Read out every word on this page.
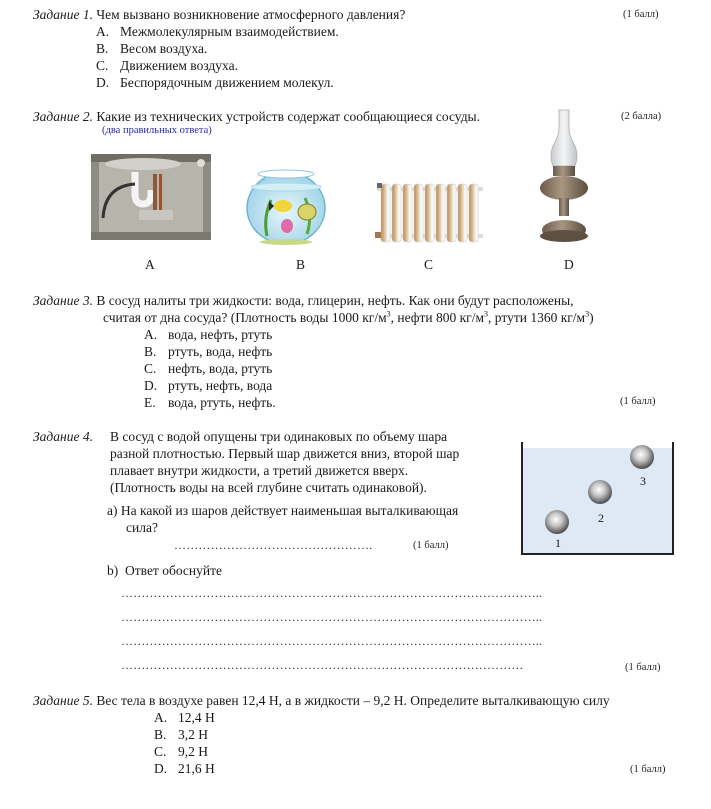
Задание 1. Чем вызвано возникновение атмосферного давления?	(1 балл)
A. Межмолекулярным взаимодействием.
B. Весом воздуха.
C. Движением воздуха.
D. Беспорядочным движением молекул.
Задание 2. Какие из технических устройств содержат сообщающиеся сосуды.	(2 балла)
(два правильных ответа)
A	B	C	D
Задание 3. В сосуд налиты три жидкости: вода, глицерин, нефть. Как они будут расположены,
считая от дна сосуда? (Плотность воды 1000 $кг/м^3$, нефти 800 $кг/м^3$, ртути 1360 $кг/м^3$)
A. вода, нефть, ртуть
B. ртуть, вода, нефть
C. нефть, вода, ртуть
D. ртуть, нефть, вода
E. вода, ртуть, нефть.	(1 балл)
Задание 4. В сосуд с водой опущены три одинаковых по объему шара
разной плотностью. Первый шар движется вниз, второй шар
плавает внутри жидкости, а третий движется вверх.
(Плотность воды на всей глубине считать одинаковой).
a) На какой из шаров действует наименьшая выталкивающая
сила?
………………………………………….	(1 балл)
b) Ответ обоснуйте
…………………………………………………………………………………………..
…………………………………………………………………………………………..
…………………………………………………………………………………………..
………………………………………………………………………………………	(1 балл)
1
2
3
Задание 5. Вес тела в воздухе равен 12,4 Н, а в жидкости – 9,2 Н. Определите выталкивающую силу
A. 12,4 Н
B. 3,2 Н
C. 9,2 Н
D. 21,6 Н	(1 балл)
